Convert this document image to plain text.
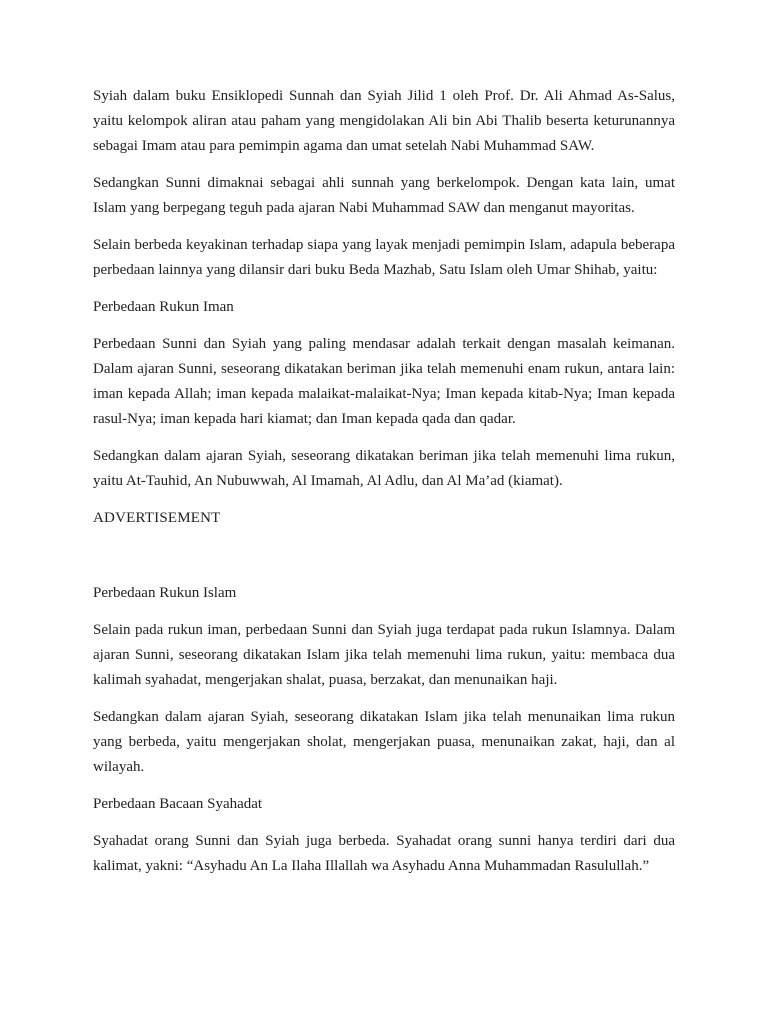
Syiah dalam buku Ensiklopedi Sunnah dan Syiah Jilid 1 oleh Prof. Dr. Ali Ahmad As-Salus, yaitu kelompok aliran atau paham yang mengidolakan Ali bin Abi Thalib beserta keturunannya sebagai Imam atau para pemimpin agama dan umat setelah Nabi Muhammad SAW.

Sedangkan Sunni dimaknai sebagai ahli sunnah yang berkelompok. Dengan kata lain, umat Islam yang berpegang teguh pada ajaran Nabi Muhammad SAW dan menganut mayoritas.

Selain berbeda keyakinan terhadap siapa yang layak menjadi pemimpin Islam, adapula beberapa perbedaan lainnya yang dilansir dari buku Beda Mazhab, Satu Islam oleh Umar Shihab, yaitu:

Perbedaan Rukun Iman

Perbedaan Sunni dan Syiah yang paling mendasar adalah terkait dengan masalah keimanan. Dalam ajaran Sunni, seseorang dikatakan beriman jika telah memenuhi enam rukun, antara lain: iman kepada Allah; iman kepada malaikat-malaikat-Nya; Iman kepada kitab-Nya; Iman kepada rasul-Nya; iman kepada hari kiamat; dan Iman kepada qada dan qadar.

Sedangkan dalam ajaran Syiah, seseorang dikatakan beriman jika telah memenuhi lima rukun, yaitu At-Tauhid, An Nubuwwah, Al Imamah, Al Adlu, dan Al Ma’ad (kiamat).

ADVERTISEMENT

Perbedaan Rukun Islam

Selain pada rukun iman, perbedaan Sunni dan Syiah juga terdapat pada rukun Islamnya. Dalam ajaran Sunni, seseorang dikatakan Islam jika telah memenuhi lima rukun, yaitu: membaca dua kalimah syahadat, mengerjakan shalat, puasa, berzakat, dan menunaikan haji.

Sedangkan dalam ajaran Syiah, seseorang dikatakan Islam jika telah menunaikan lima rukun yang berbeda, yaitu mengerjakan sholat, mengerjakan puasa, menunaikan zakat, haji, dan al wilayah.

Perbedaan Bacaan Syahadat

Syahadat orang Sunni dan Syiah juga berbeda. Syahadat orang sunni hanya terdiri dari dua kalimat, yakni: “Asyhadu An La Ilaha Illallah wa Asyhadu Anna Muhammadan Rasulullah.”
